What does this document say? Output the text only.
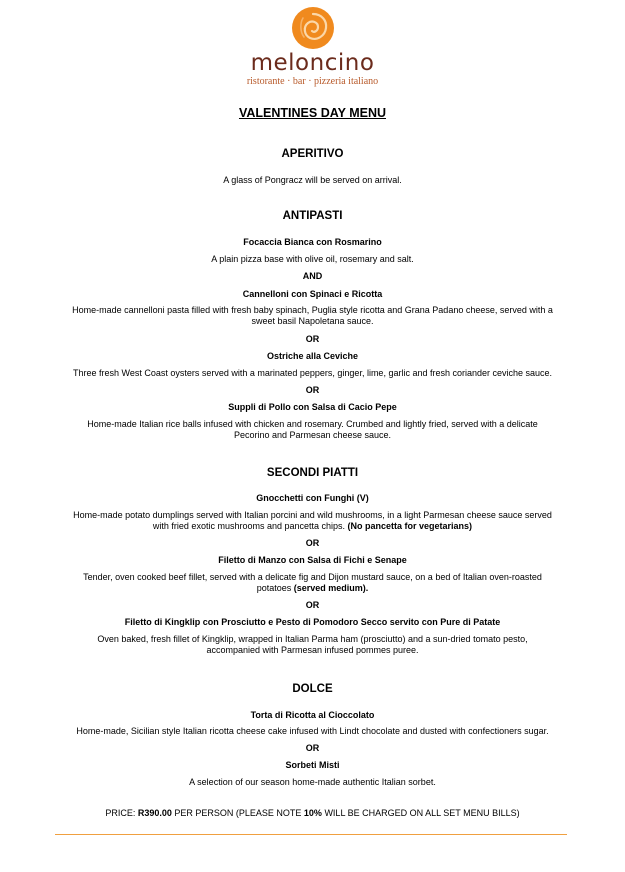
meloncino
ristorante · bar · pizzeria italiano
VALENTINES DAY MENU
APERITIVO
A glass of Pongracz will be served on arrival.
ANTIPASTI
Focaccia Bianca con Rosmarino
A plain pizza base with olive oil, rosemary and salt.
AND
Cannelloni con Spinaci e Ricotta
Home-made cannelloni pasta filled with fresh baby spinach, Puglia style ricotta and Grana Padano cheese, served with a
sweet basil Napoletana sauce.
OR
Ostriche alla Ceviche
Three fresh West Coast oysters served with a marinated peppers, ginger, lime, garlic and fresh coriander ceviche sauce.
OR
Suppli di Pollo con Salsa di Cacio Pepe
Home-made Italian rice balls infused with chicken and rosemary. Crumbed and lightly fried, served with a delicate
Pecorino and Parmesan cheese sauce.
SECONDI PIATTI
Gnocchetti con Funghi (V)
Home-made potato dumplings served with Italian porcini and wild mushrooms, in a light Parmesan cheese sauce served
with fried exotic mushrooms and pancetta chips. (No pancetta for vegetarians)
OR
Filetto di Manzo con Salsa di Fichi e Senape
Tender, oven cooked beef fillet, served with a delicate fig and Dijon mustard sauce, on a bed of Italian oven-roasted
potatoes (served medium).
OR
Filetto di Kingklip con Prosciutto e Pesto di Pomodoro Secco servito con Pure di Patate
Oven baked, fresh fillet of Kingklip, wrapped in Italian Parma ham (prosciutto) and a sun-dried tomato pesto,
accompanied with Parmesan infused pommes puree.
DOLCE
Torta di Ricotta al Cioccolato
Home-made, Sicilian style Italian ricotta cheese cake infused with Lindt chocolate and dusted with confectioners sugar.
OR
Sorbeti Misti
A selection of our season home-made authentic Italian sorbet.
PRICE: R390.00 PER PERSON (PLEASE NOTE 10% WILL BE CHARGED ON ALL SET MENU BILLS)
